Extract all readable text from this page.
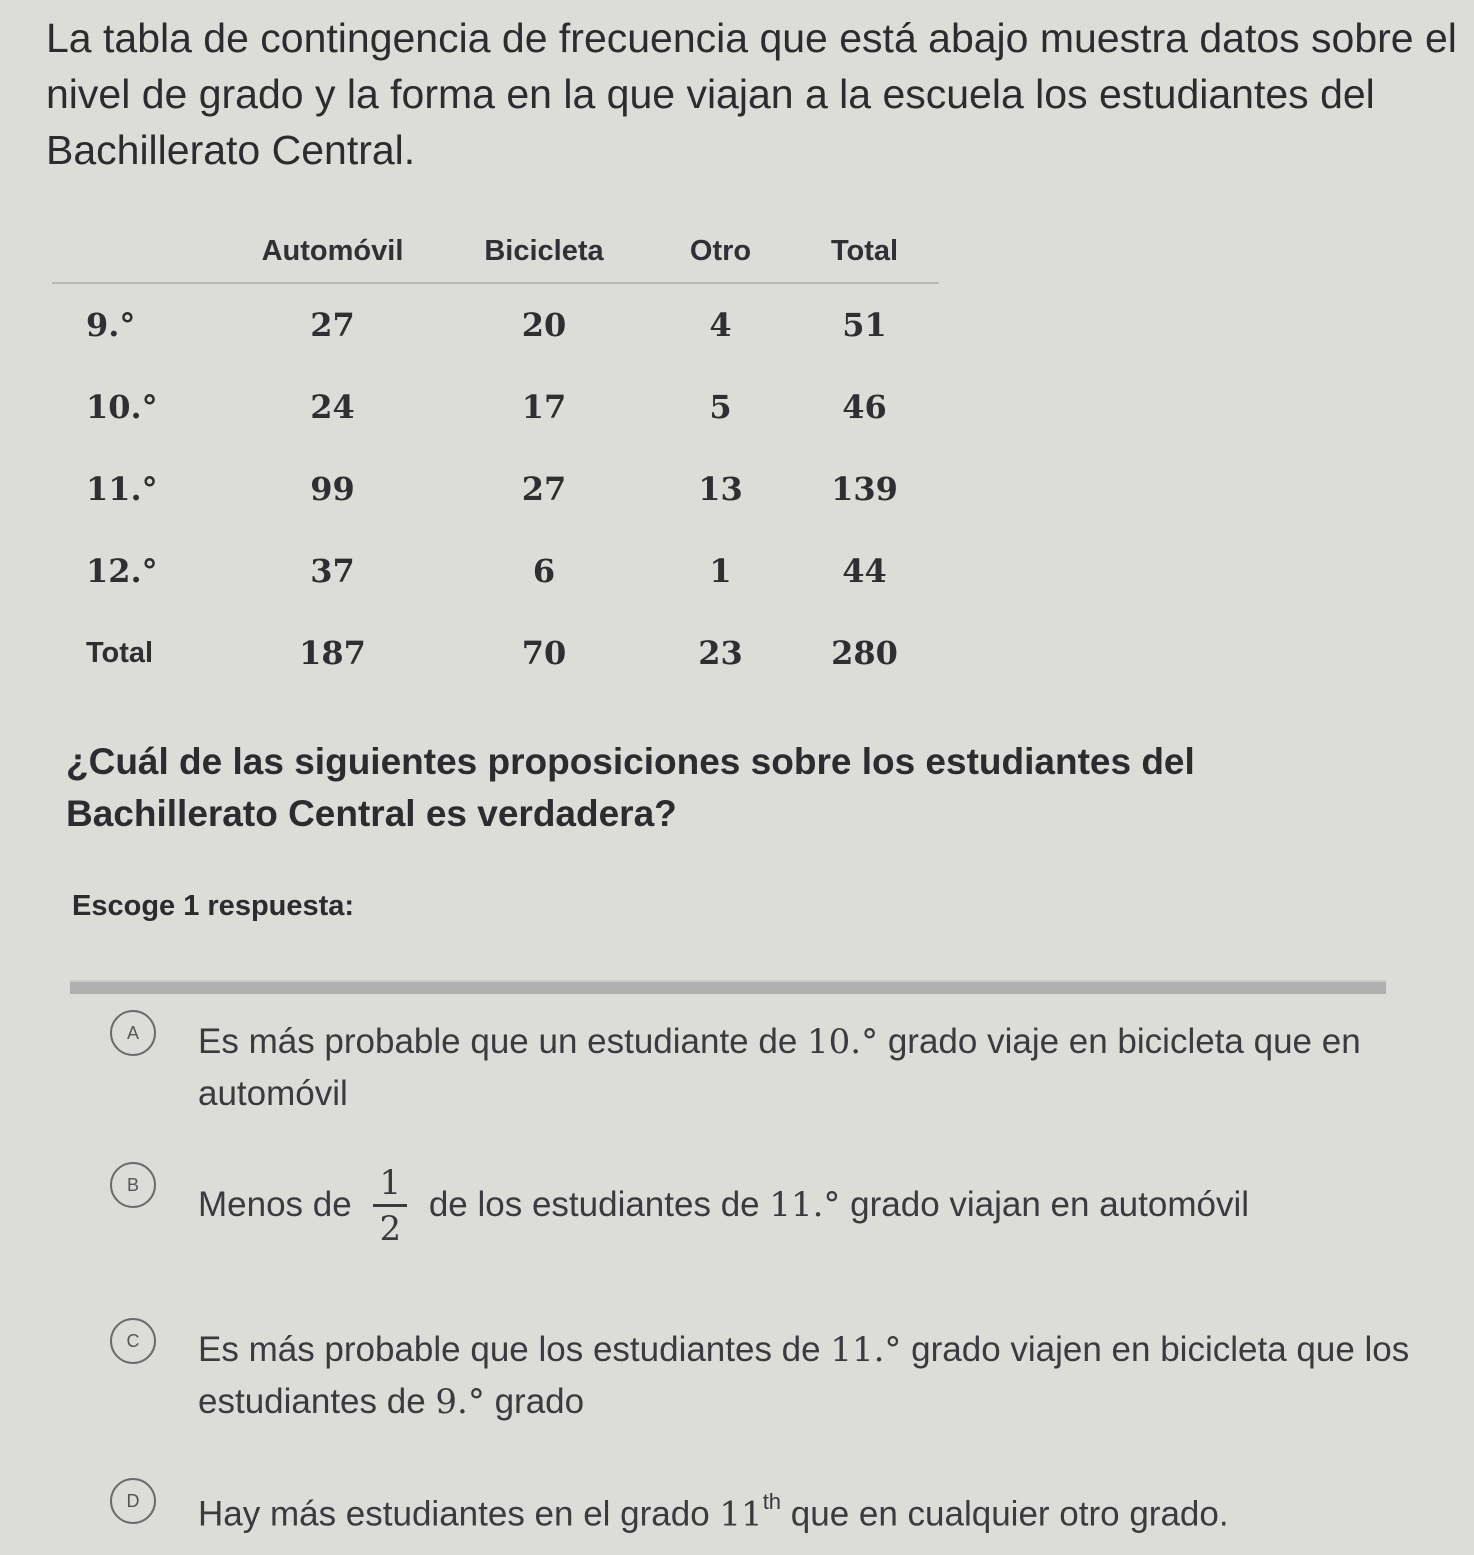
La tabla de contingencia de frecuencia que está abajo muestra datos sobre el nivel de grado y la forma en la que viajan a la escuela los estudiantes del Bachillerato Central.
	Automóvil	Bicicleta	Otro	Total
9.°	27	20	4	51
10.°	24	17	5	46
11.°	99	27	13	139
12.°	37	6	1	44
Total	187	70	23	280
¿Cuál de las siguientes proposiciones sobre los estudiantes del Bachillerato Central es verdadera?
Escoge 1 respuesta:
A	Es más probable que un estudiante de 10.° grado viaje en bicicleta que en automóvil
B	Menos de $\frac{1}{2}$ de los estudiantes de 11.° grado viajan en automóvil
C	Es más probable que los estudiantes de 11.° grado viajen en bicicleta que los estudiantes de 9.° grado
D	Hay más estudiantes en el grado 11th que en cualquier otro grado.
